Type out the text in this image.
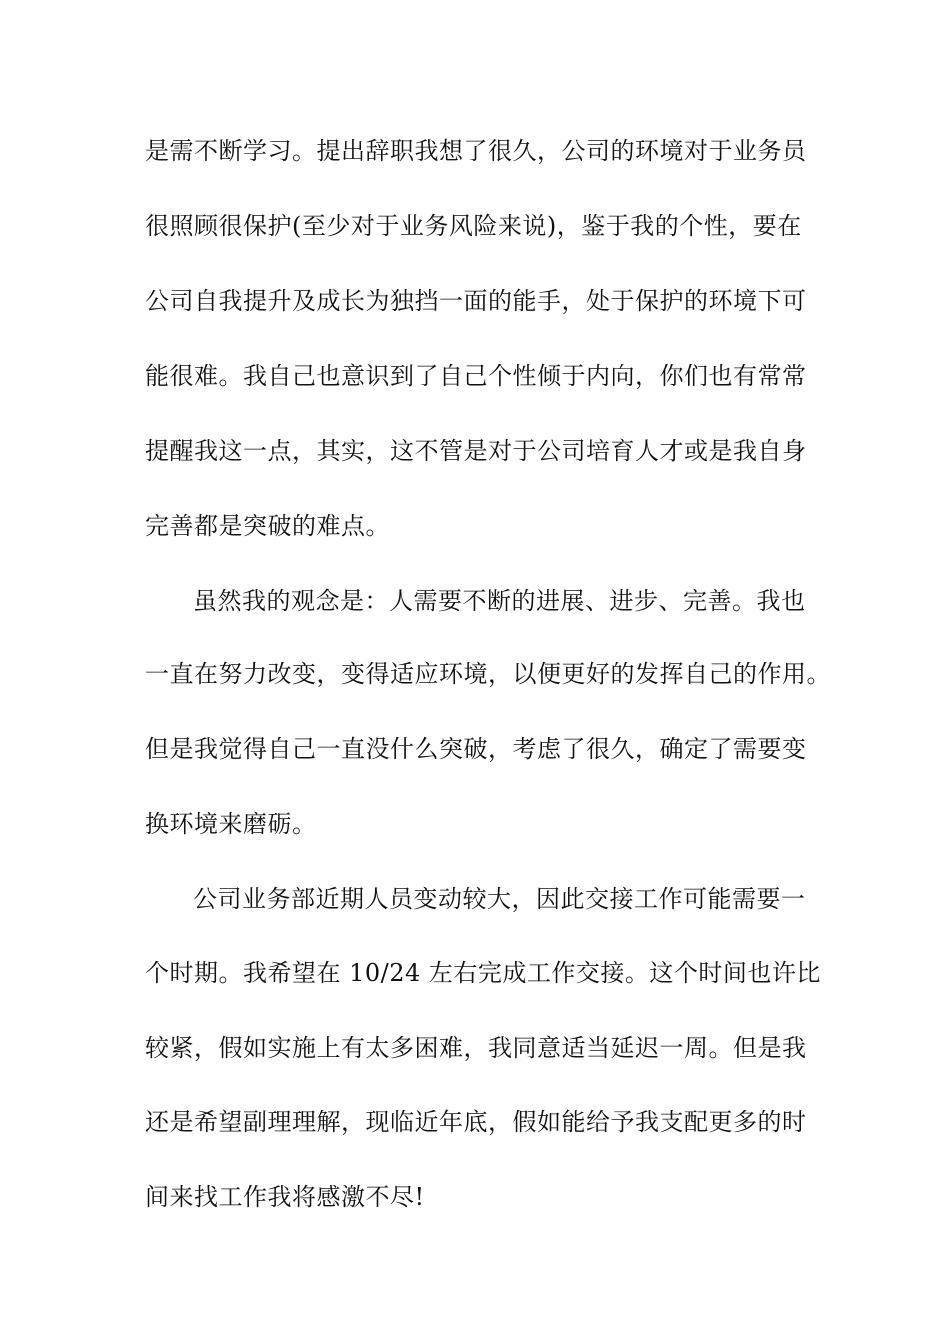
是需不断学习。提出辞职我想了很久，公司的环境对于业务员
很照顾很保护(至少对于业务风险来说)，鉴于我的个性，要在
公司自我提升及成长为独挡一面的能手，处于保护的环境下可
能很难。我自己也意识到了自己个性倾于内向，你们也有常常
提醒我这一点，其实，这不管是对于公司培育人才或是我自身
完善都是突破的难点。
虽然我的观念是：人需要不断的进展、进步、完善。我也
一直在努力改变，变得适应环境，以便更好的发挥自己的作用。
但是我觉得自己一直没什么突破，考虑了很久，确定了需要变
换环境来磨砺。
公司业务部近期人员变动较大，因此交接工作可能需要一
个时期。我希望在 10/24 左右完成工作交接。这个时间也许比
较紧，假如实施上有太多困难，我同意适当延迟一周。但是我
还是希望副理理解，现临近年底，假如能给予我支配更多的时
间来找工作我将感激不尽!
